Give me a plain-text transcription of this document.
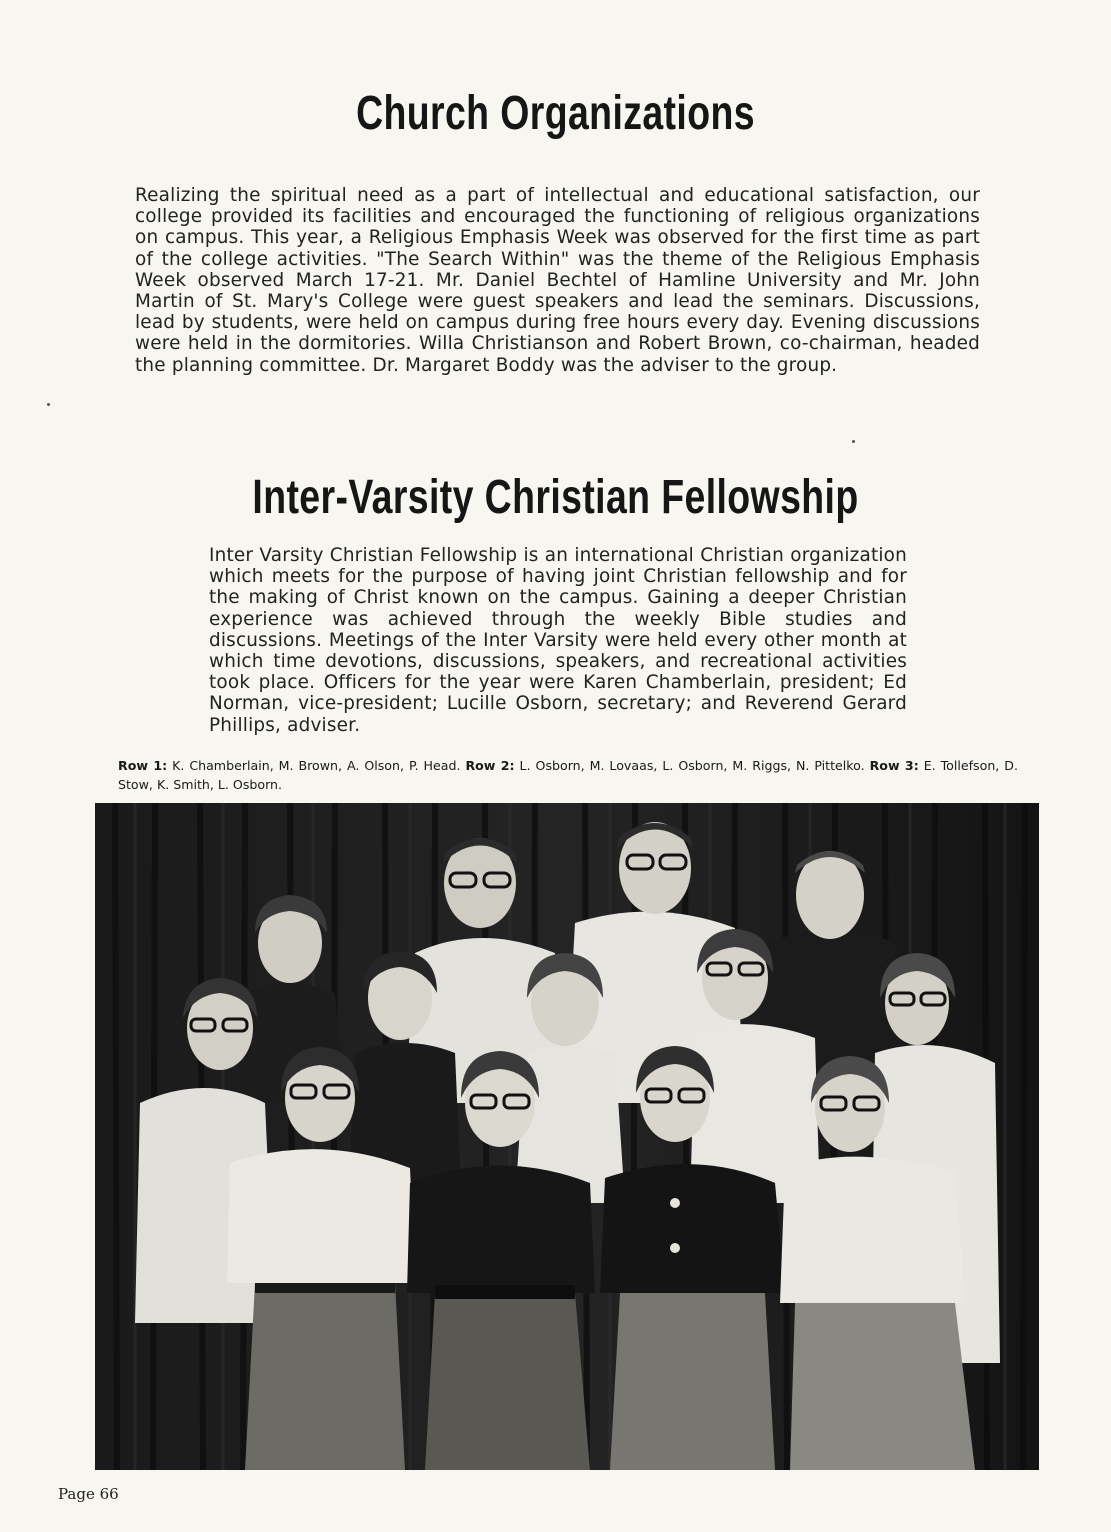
Church Organizations

Realizing the spiritual need as a part of intellectual and educational satisfaction, our college provided its facilities and encouraged the functioning of religious organizations on campus. This year, a Religious Emphasis Week was observed for the first time as part of the college activities. "The Search Within" was the theme of the Religious Emphasis Week observed March 17-21. Mr. Daniel Bechtel of Hamline University and Mr. John Martin of St. Mary's College were guest speakers and lead the seminars. Discussions, lead by students, were held on campus during free hours every day. Evening discussions were held in the dormitories. Willa Christianson and Robert Brown, co-chairman, headed the planning committee. Dr. Margaret Boddy was the adviser to the group.

Inter-Varsity Christian Fellowship

Inter Varsity Christian Fellowship is an international Christian organization which meets for the purpose of having joint Christian fellowship and for the making of Christ known on the campus. Gaining a deeper Christian experience was achieved through the weekly Bible studies and discussions. Meetings of the Inter Varsity were held every other month at which time devotions, discussions, speakers, and recreational activities took place. Officers for the year were Karen Chamberlain, president; Ed Norman, vice-president; Lucille Osborn, secretary; and Reverend Gerard Phillips, adviser.

Row 1: K. Chamberlain, M. Brown, A. Olson, P. Head. Row 2: L. Osborn, M. Lovaas, L. Osborn, M. Riggs, N. Pittelko. Row 3: E. Tollefson, D. Stow, K. Smith, L. Osborn.
Page 66
